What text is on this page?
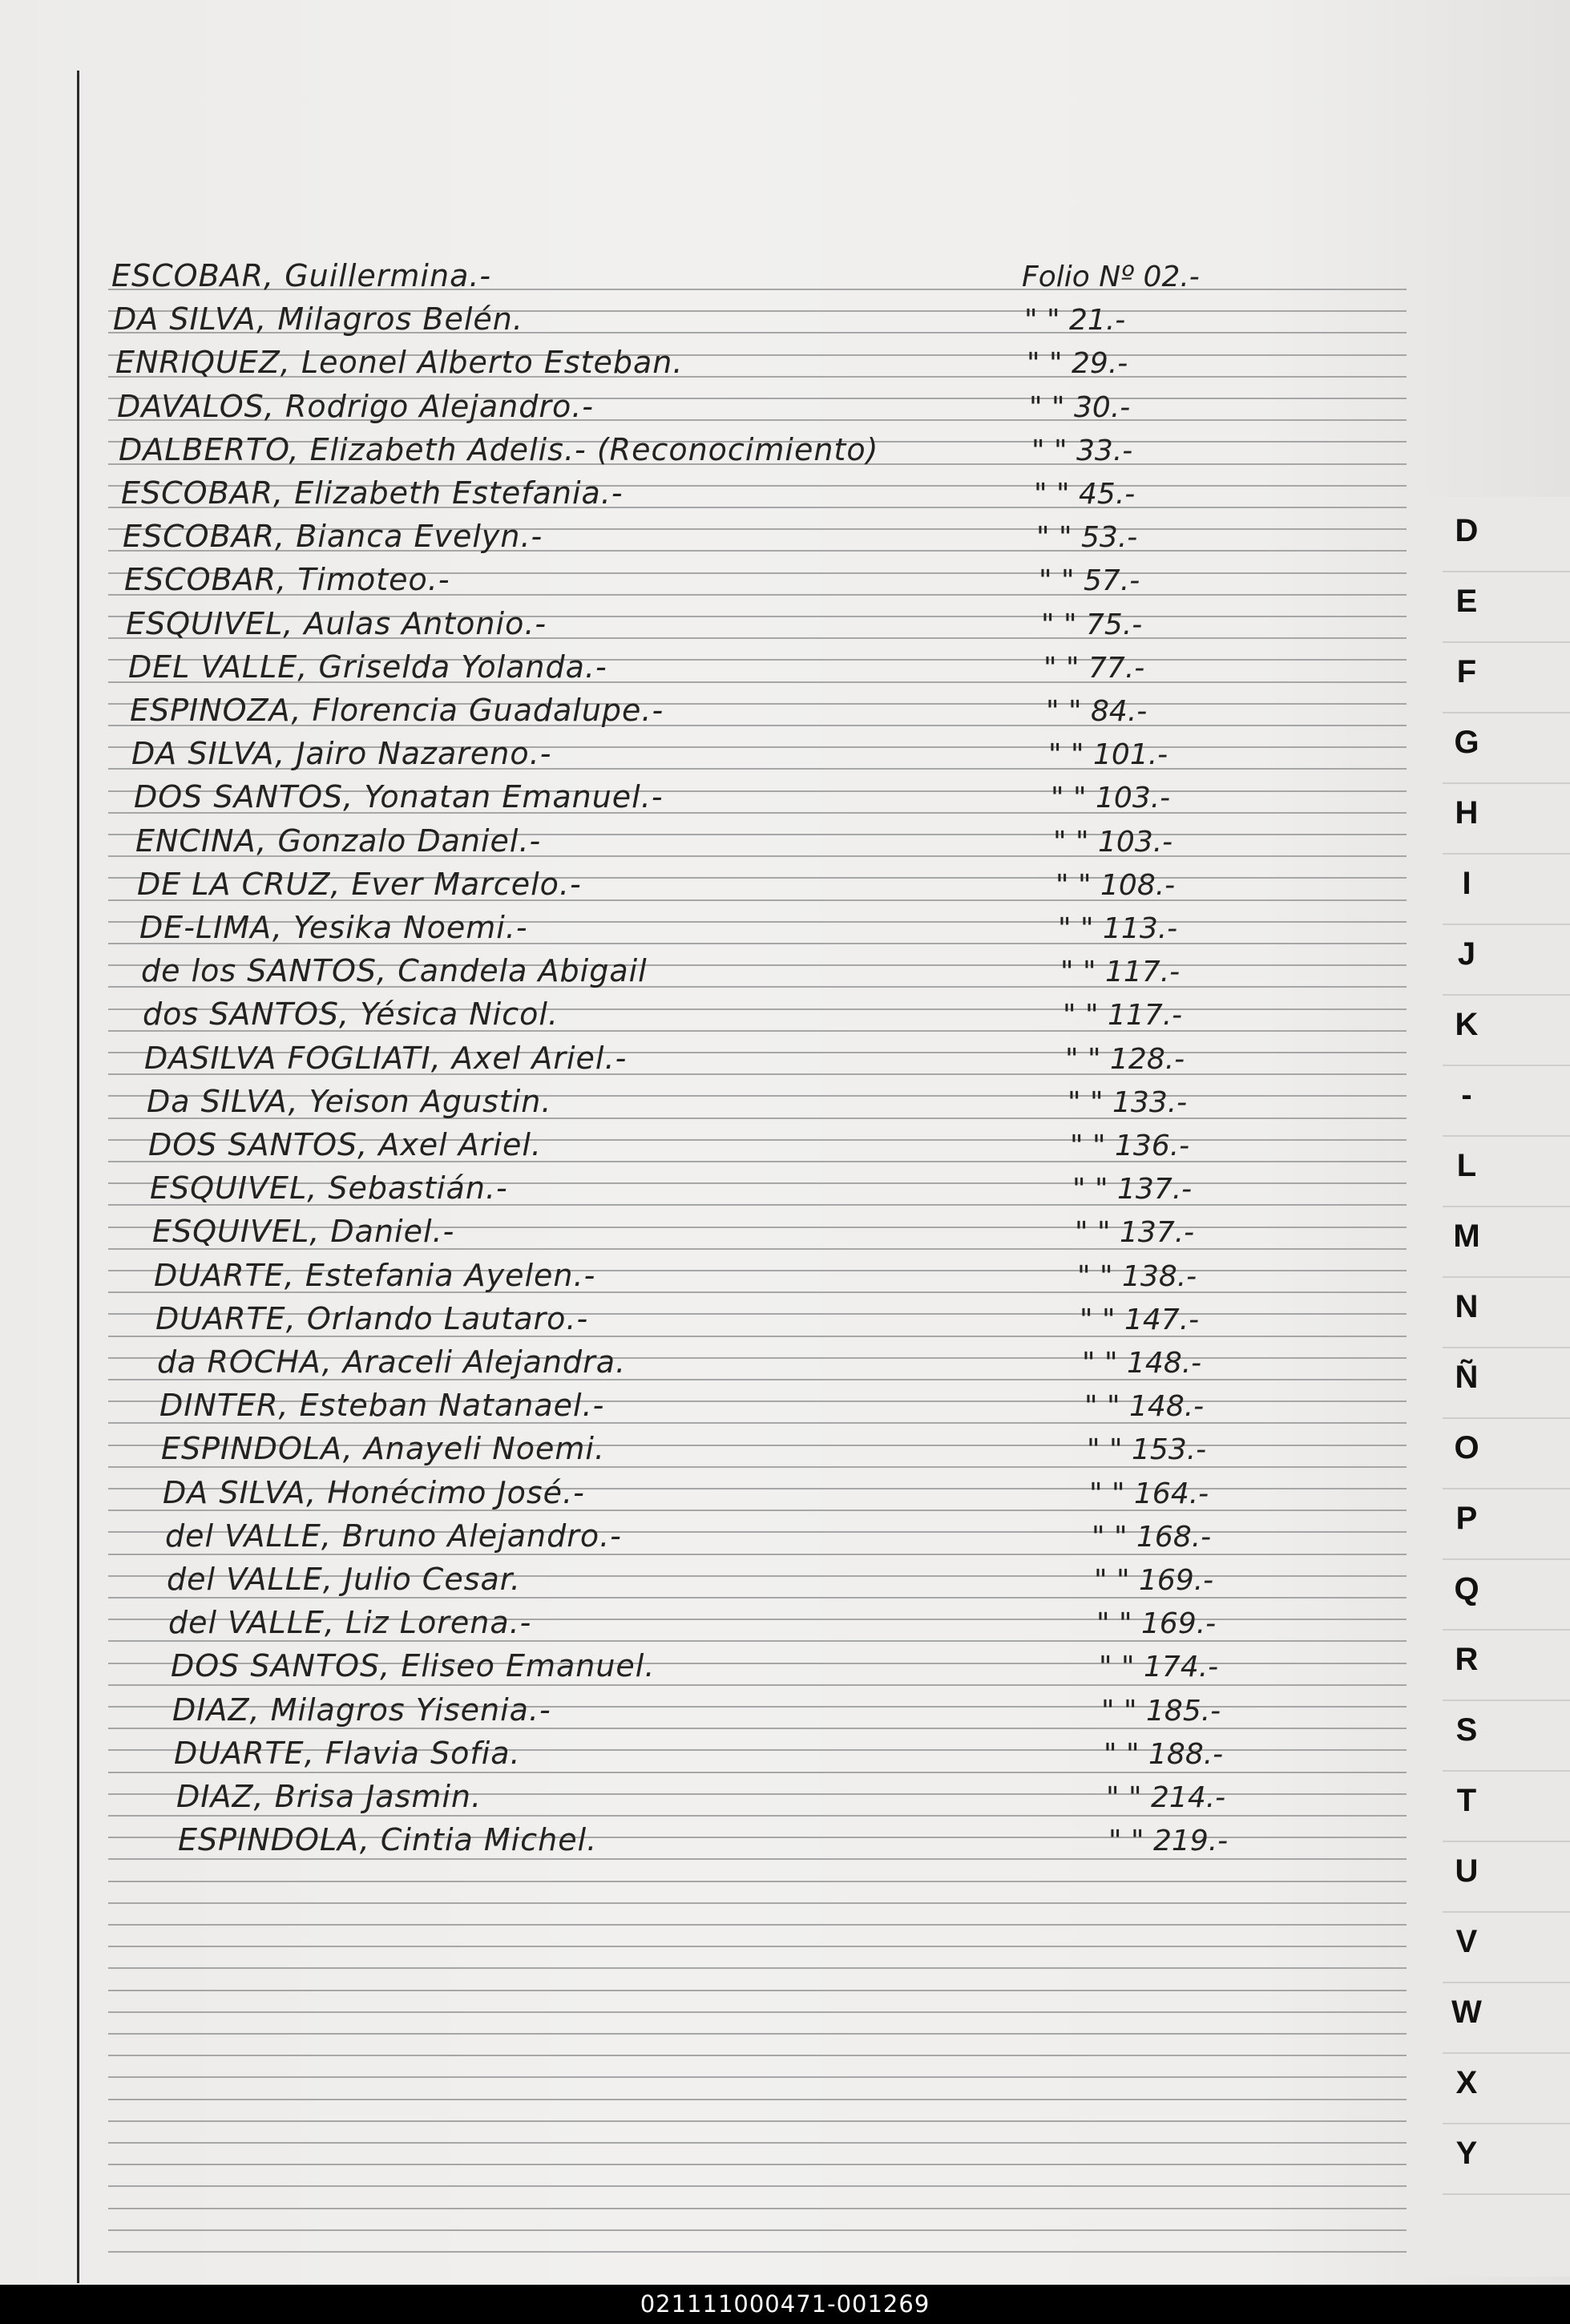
ESCOBAR, Guillermina.-	Folio Nº 02.-
DA SILVA, Milagros Belén.	" " 21.-
ENRIQUEZ, Leonel Alberto Esteban.	" " 29.-
DAVALOS, Rodrigo Alejandro.-	" " 30.-
DALBERTO, Elizabeth Adelis.- (Reconocimiento)	" " 33.-
ESCOBAR, Elizabeth Estefania.-	" " 45.-
ESCOBAR, Bianca Evelyn.-	" " 53.-
ESCOBAR, Timoteo.-	" " 57.-
ESQUIVEL, Aulas Antonio.-	" " 75.-
DEL VALLE, Griselda Yolanda.-	" " 77.-
ESPINOZA, Florencia Guadalupe.-	" " 84.-
DA SILVA, Jairo Nazareno.-	" " 101.-
DOS SANTOS, Yonatan Emanuel.-	" " 103.-
ENCINA, Gonzalo Daniel.-	" " 103.-
DE LA CRUZ, Ever Marcelo.-	" " 108.-
DE-LIMA, Yesika Noemi.-	" " 113.-
de los SANTOS, Candela Abigail	" " 117.-
dos SANTOS, Yésica Nicol.	" " 117.-
DASILVA FOGLIATI, Axel Ariel.-	" " 128.-
Da SILVA, Yeison Agustin.	" " 133.-
DOS SANTOS, Axel Ariel.	" " 136.-
ESQUIVEL, Sebastián.-	" " 137.-
ESQUIVEL, Daniel.-	" " 137.-
DUARTE, Estefania Ayelen.-	" " 138.-
DUARTE, Orlando Lautaro.-	" " 147.-
da ROCHA, Araceli Alejandra.	" " 148.-
DINTER, Esteban Natanael.-	" " 148.-
ESPINDOLA, Anayeli Noemi.	" " 153.-
DA SILVA, Honécimo José.-	" " 164.-
del VALLE, Bruno Alejandro.-	" " 168.-
del VALLE, Julio Cesar.	" " 169.-
del VALLE, Liz Lorena.-	" " 169.-
DOS SANTOS, Eliseo Emanuel.	" " 174.-
DIAZ, Milagros Yisenia.-	" " 185.-
DUARTE, Flavia Sofia.	" " 188.-
DIAZ, Brisa Jasmin.	" " 214.-
ESPINDOLA, Cintia Michel.	" " 219.-
D
E
F
G
H
I
J
K
-
L
M
N
Ñ
O
P
Q
R
S
T
U
V
W
X
Y
021111000471-001269
